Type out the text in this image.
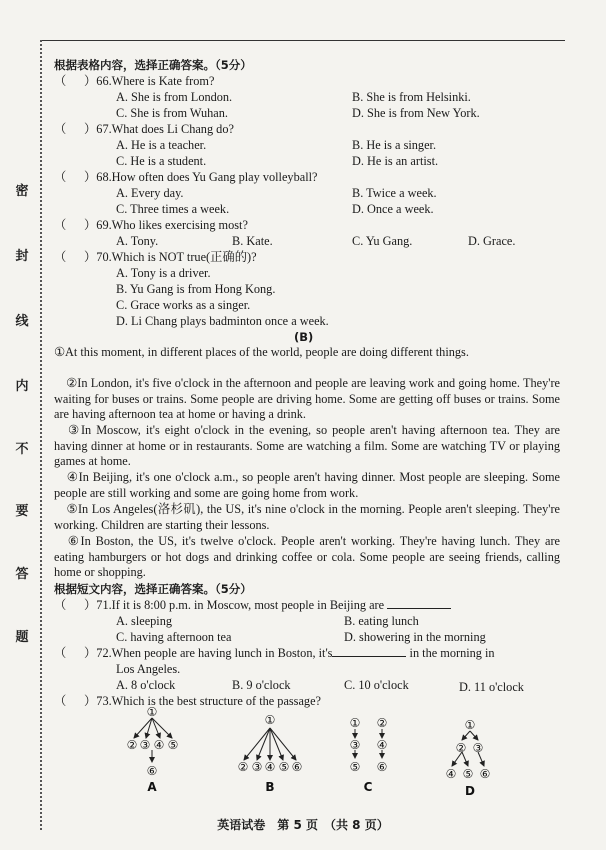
密
封
线
内
不
要
答
题
根据表格内容，选择正确答案。（5分）
（ ）66.Where is Kate from?
A. She is from London.	B. She is from Helsinki.
C. She is from Wuhan.	D. She is from New York.
（ ）67.What does Li Chang do?
A. He is a teacher.	B. He is a singer.
C. He is a student.	D. He is an artist.
（ ）68.How often does Yu Gang play volleyball?
A. Every day.	B. Twice a week.
C. Three times a week.	D. Once a week.
（ ）69.Who likes exercising most?
A. Tony.	B. Kate.	C. Yu Gang.	D. Grace.
（ ）70.Which is NOT true(正确的)?
A. Tony is a driver.
B. Yu Gang is from Hong Kong.
C. Grace works as a singer.
D. Li Chang plays badminton once a week.
(B)
①At this moment, in different places of the world, people are doing different things.
②In London, it's five o'clock in the afternoon and people are leaving work and going home. They're waiting for buses or trains. Some people are driving home. Some are getting off buses or trains. Some are having afternoon tea at home or having a drink.
③In Moscow, it's eight o'clock in the evening, so people aren't having afternoon tea. They are having dinner at home or in restaurants. Some are watching a film. Some are watching TV or playing games at home.
④In Beijing, it's one o'clock a.m., so people aren't having dinner. Most people are sleeping. Some people are still working and some are going home from work.
⑤In Los Angeles(洛杉矶), the US, it's nine o'clock in the morning. People aren't sleeping. They're working. Children are starting their lessons.
⑥In Boston, the US, it's twelve o'clock. People aren't working. They're having lunch. They are eating hamburgers or hot dogs and drinking coffee or cola. Some people are seeing friends, calling home or shopping.
根据短文内容，选择正确答案。（5分）
（ ）71.If it is 8:00 p.m. in Moscow, most people in Beijing are
A. sleeping	B. eating lunch
C. having afternoon tea	D. showering in the morning
（ ）72.When people are having lunch in Boston, it's	in the morning in
Los Angeles.
A. 8 o'clock	B. 9 o'clock	C. 10 o'clock	D. 11 o'clock
（ ）73.Which is the best structure of the passage?
①
② ③ ④ ⑤
⑥
A
①
② ③ ④ ⑤ ⑥
B
①
③
⑤
②
④
⑥
C
①
② ③
④ ⑤ ⑥
D
英语试卷　第 5 页　（共 8 页）
